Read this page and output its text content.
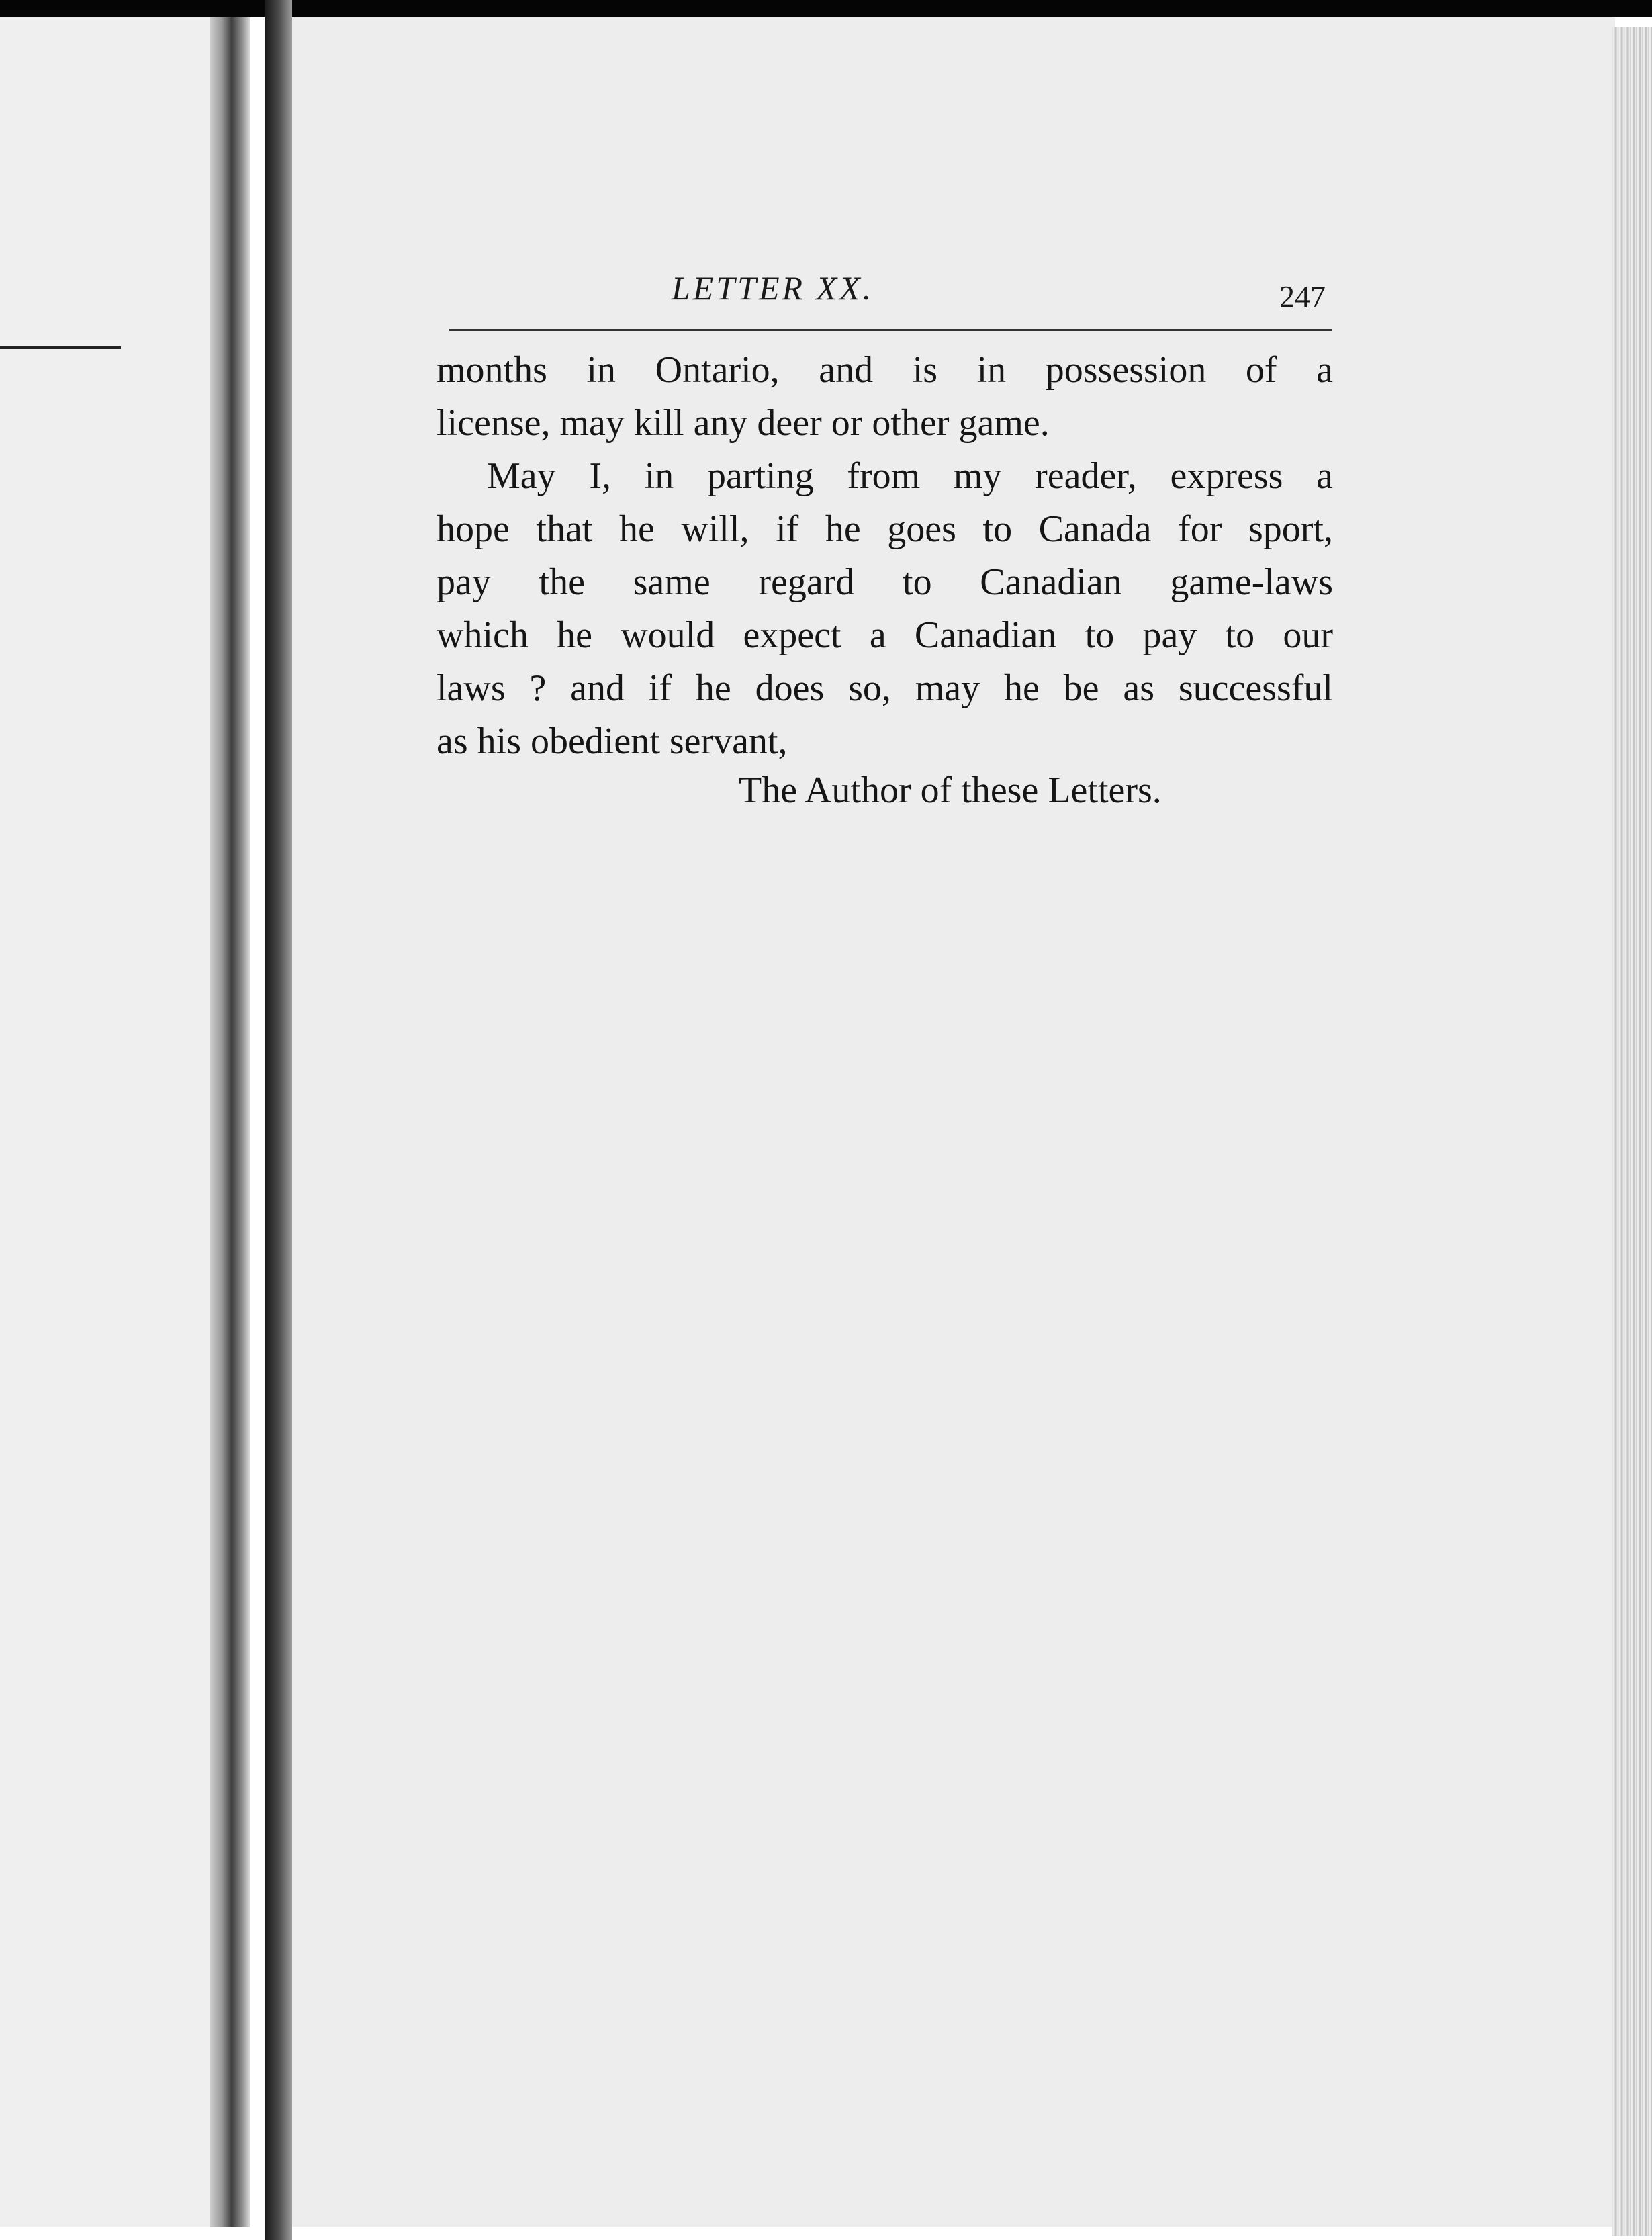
LETTER XX.	247
months in Ontario, and is in possession of a
license, may kill any deer or other game.
May I, in parting from my reader, express a
hope that he will, if he goes to Canada for sport,
pay the same regard to Canadian game-laws
which he would expect a Canadian to pay to our
laws ? and if he does so, may he be as successful
as his obedient servant,
The Author of these Letters.
